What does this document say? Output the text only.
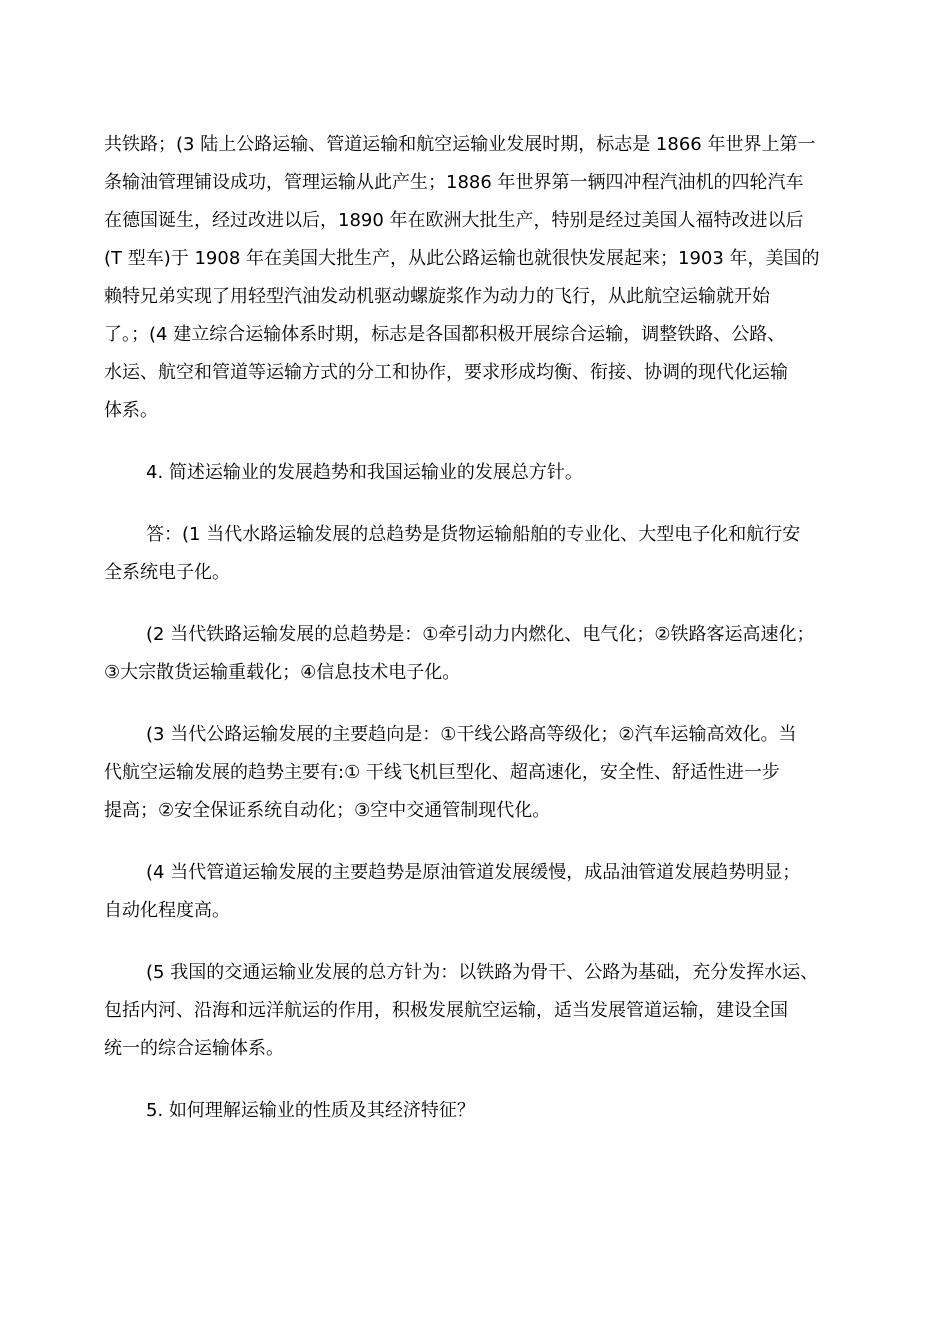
共铁路；(3 陆上公路运输、管道运输和航空运输业发展时期，标志是 1866 年世界上第一
条输油管理铺设成功，管理运输从此产生；1886 年世界第一辆四冲程汽油机的四轮汽车
在德国诞生，经过改进以后，1890 年在欧洲大批生产，特别是经过美国人福特改进以后
(T 型车)于 1908 年在美国大批生产，从此公路运输也就很快发展起来；1903 年，美国的
赖特兄弟实现了用轻型汽油发动机驱动螺旋浆作为动力的飞行，从此航空运输就开始
了。；(4 建立综合运输体系时期，标志是各国都积极开展综合运输，调整铁路、公路、
水运、航空和管道等运输方式的分工和协作，要求形成均衡、衔接、协调的现代化运输
体系。
4. 简述运输业的发展趋势和我国运输业的发展总方针。
答：(1 当代水路运输发展的总趋势是货物运输船舶的专业化、大型电子化和航行安
全系统电子化。
(2 当代铁路运输发展的总趋势是：①牵引动力内燃化、电气化；②铁路客运高速化；
③大宗散货运输重载化；④信息技术电子化。
(3 当代公路运输发展的主要趋向是：①干线公路高等级化；②汽车运输高效化。当
代航空运输发展的趋势主要有:① 干线飞机巨型化、超高速化，安全性、舒适性进一步
提高；②安全保证系统自动化；③空中交通管制现代化。
(4 当代管道运输发展的主要趋势是原油管道发展缓慢，成品油管道发展趋势明显；
自动化程度高。
(5 我国的交通运输业发展的总方针为：以铁路为骨干、公路为基础，充分发挥水运、
包括内河、沿海和远洋航运的作用，积极发展航空运输，适当发展管道运输，建设全国
统一的综合运输体系。
5. 如何理解运输业的性质及其经济特征？
